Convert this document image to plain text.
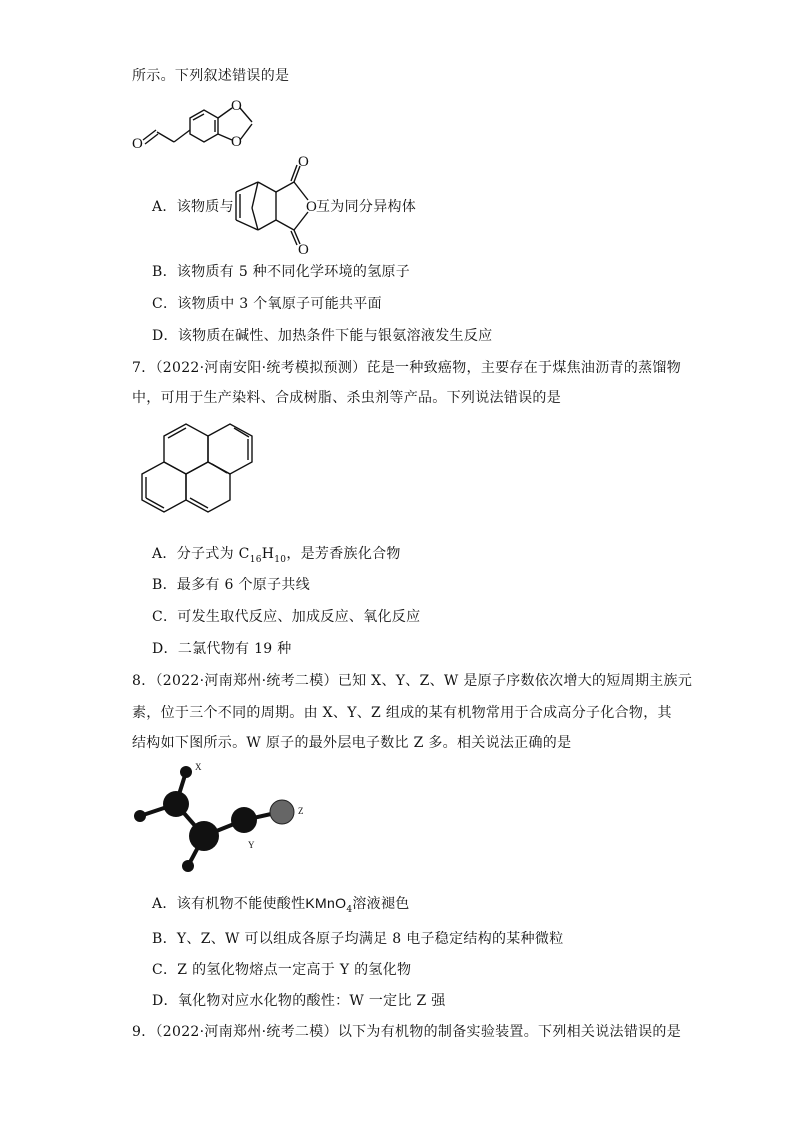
所示。下列叙述错误的是
O
O
O
A．该物质与
O
O
O
互为同分异构体
B．该物质有 5 种不同化学环境的氢原子
C．该物质中 3 个氧原子可能共平面
D．该物质在碱性、加热条件下能与银氨溶液发生反应
7．（2022·河南安阳·统考模拟预测）芘是一种致癌物，主要存在于煤焦油沥青的蒸馏物
中，可用于生产染料、合成树脂、杀虫剂等产品。下列说法错误的是
A．分子式为 $C_{16}H_{10}$，是芳香族化合物
B．最多有 6 个原子共线
C．可发生取代反应、加成反应、氧化反应
D．二氯代物有 19 种
8．（2022·河南郑州·统考二模）已知 X、Y、Z、W 是原子序数依次增大的短周期主族元
素，位于三个不同的周期。由 X、Y、Z 组成的某有机物常用于合成高分子化合物，其
结构如下图所示。W 原子的最外层电子数比 Z 多。相关说法正确的是
X
Y
Z
A．该有机物不能使酸性KMnO$_4$溶液褪色
B．Y、Z、W 可以组成各原子均满足 8 电子稳定结构的某种微粒
C．Z 的氢化物熔点一定高于 Y 的氢化物
D．氧化物对应水化物的酸性：W 一定比 Z 强
9．（2022·河南郑州·统考二模）以下为有机物的制备实验装置。下列相关说法错误的是
